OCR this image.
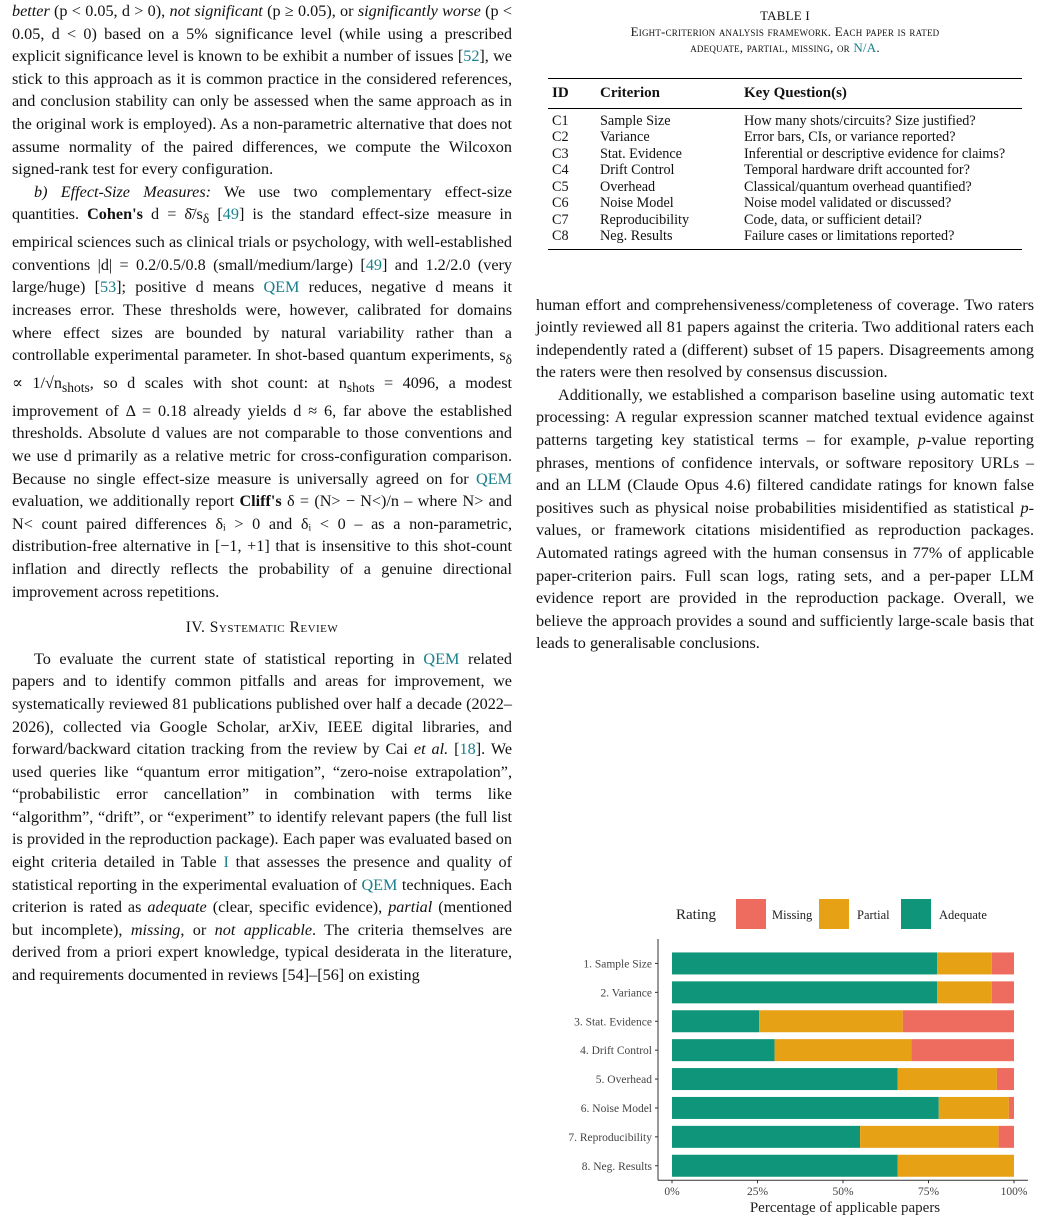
better (p < 0.05, d > 0), not significant (p ≥ 0.05), or significantly worse (p < 0.05, d < 0) based on a 5% significance level (while using a prescribed explicit significance level is known to be exhibit a number of issues [52], we stick to this approach as it is common practice in the considered references, and conclusion stability can only be assessed when the same approach as in the original work is employed). As a non-parametric alternative that does not assume normality of the paired differences, we compute the Wilcoxon signed-rank test for every configuration.

b) Effect-Size Measures: We use two complementary effect-size quantities. Cohen's $d = \deltā/s_\delta$ [49] is the standard effect-size measure in empirical sciences such as clinical trials or psychology, with well-established conventions |d| = 0.2/0.5/0.8 (small/medium/large) [49] and 1.2/2.0 (very large/huge) [53]; positive d means QEM reduces, negative d means it increases error. These thresholds were, however, calibrated for domains where effect sizes are bounded by natural variability rather than a controllable experimental parameter. In shot-based quantum experiments, $s_\delta \propto 1/√n_{shots}$, so d scales with shot count: at $n_{shots} = 4096$, a modest improvement of Δ = 0.18 already yields d ≈ 6, far above the established thresholds. Absolute d values are not comparable to those conventions and we use d primarily as a relative metric for cross-configuration comparison. Because no single effect-size measure is universally agreed on for QEM evaluation, we additionally report Cliff's δ = (N> − N<)/n – where N> and N< count paired differences δᵢ > 0 and δᵢ < 0 – as a non-parametric, distribution-free alternative in [−1, +1] that is insensitive to this shot-count inflation and directly reflects the probability of a genuine directional improvement across repetitions.

IV. Systematic Review

To evaluate the current state of statistical reporting in QEM related papers and to identify common pitfalls and areas for improvement, we systematically reviewed 81 publications published over half a decade (2022–2026), collected via Google Scholar, arXiv, IEEE digital libraries, and forward/backward citation tracking from the review by Cai et al. [18]. We used queries like “quantum error mitigation”, “zero-noise extrapolation”, “probabilistic error cancellation” in combination with terms like “algorithm”, “drift”, or “experiment” to identify relevant papers (the full list is provided in the reproduction package). Each paper was evaluated based on eight criteria detailed in Table I that assesses the presence and quality of statistical reporting in the experimental evaluation of QEM techniques. Each criterion is rated as adequate (clear, specific evidence), partial (mentioned but incomplete), missing, or not applicable. The criteria themselves are derived from a priori expert knowledge, typical desiderata in the literature, and requirements documented in reviews [54]–[56] on existing

TABLE I
Eight-criterion analysis framework. Each paper is rated
adequate, partial, missing, or N/A.
ID	Criterion	Key Question(s)
C1	Sample Size	How many shots/circuits? Size justified?
C2	Variance	Error bars, CIs, or variance reported?
C3	Stat. Evidence	Inferential or descriptive evidence for claims?
C4	Drift Control	Temporal hardware drift accounted for?
C5	Overhead	Classical/quantum overhead quantified?
C6	Noise Model	Noise model validated or discussed?
C7	Reproducibility	Code, data, or sufficient detail?
C8	Neg. Results	Failure cases or limitations reported?

human effort and comprehensiveness/completeness of coverage. Two raters jointly reviewed all 81 papers against the criteria. Two additional raters each independently rated a (different) subset of 15 papers. Disagreements among the raters were then resolved by consensus discussion.

Additionally, we established a comparison baseline using automatic text processing: A regular expression scanner matched textual evidence against patterns targeting key statistical terms – for example, p-value reporting phrases, mentions of confidence intervals, or software repository URLs – and an LLM (Claude Opus 4.6) filtered candidate ratings for known false positives such as physical noise probabilities misidentified as statistical p-values, or framework citations misidentified as reproduction packages. Automated ratings agreed with the human consensus in 77% of applicable paper-criterion pairs. Full scan logs, rating sets, and a per-paper LLM evidence report are provided in the reproduction package. Overall, we believe the approach provides a sound and sufficiently large-scale basis that leads to generalisable conclusions.

Rating	Missing	Partial	Adequate
1. Sample Size
2. Variance
3. Stat. Evidence
4. Drift Control
5. Overhead
6. Noise Model
7. Reproducibility
8. Neg. Results
0%	25%	50%	75%	100%
Percentage of applicable papers
